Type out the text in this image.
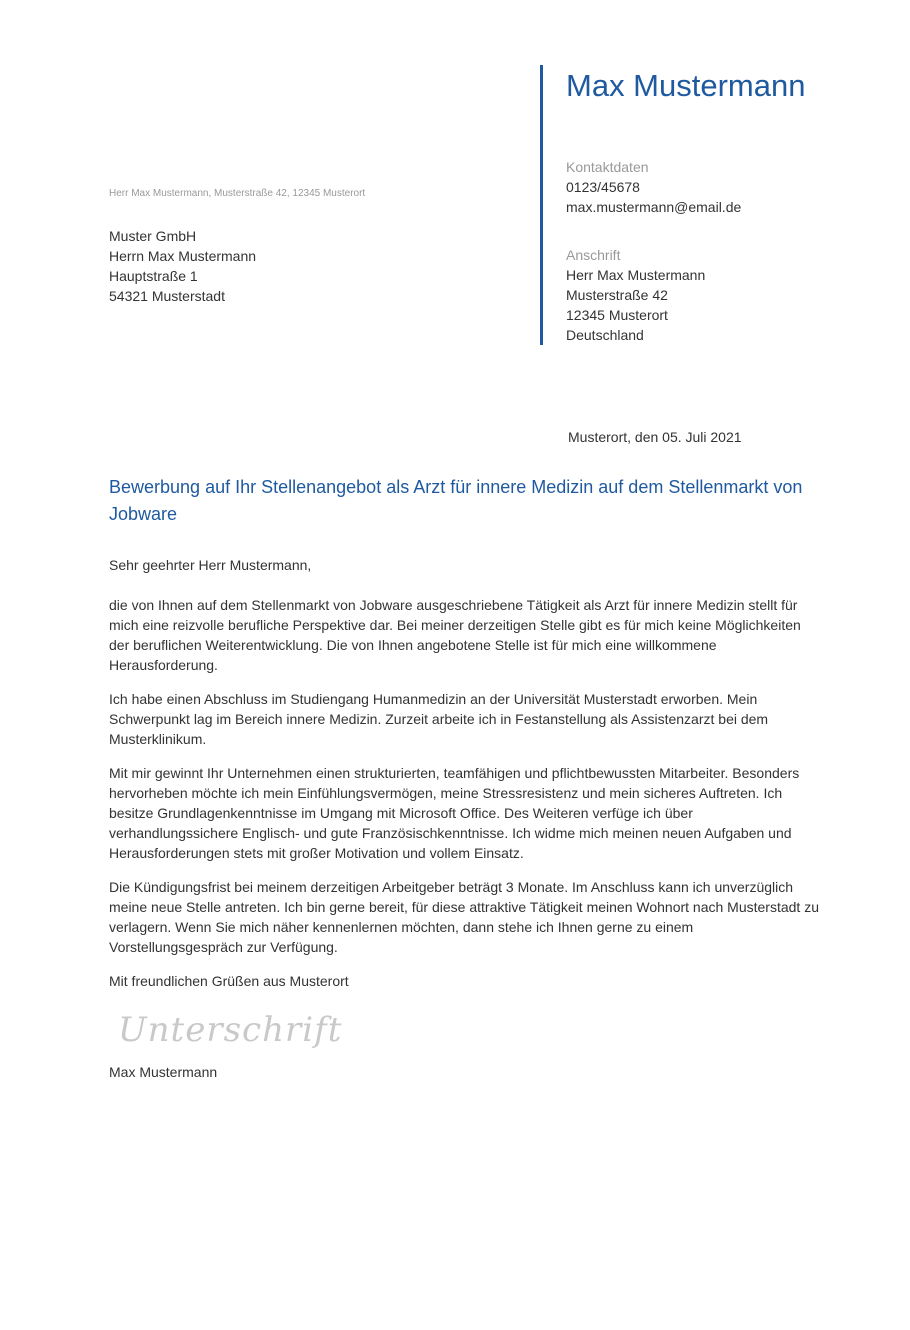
Max Mustermann
Kontaktdaten
0123/45678
max.mustermann@email.de
Anschrift
Herr Max Mustermann
Musterstraße 42
12345 Musterort
Deutschland
Herr Max Mustermann, Musterstraße 42, 12345 Musterort
Muster GmbH
Herrn Max Mustermann
Hauptstraße 1
54321 Musterstadt
Musterort, den 05. Juli 2021
Bewerbung auf Ihr Stellenangebot als Arzt für innere Medizin auf dem Stellenmarkt von Jobware

Sehr geehrter Herr Mustermann,

die von Ihnen auf dem Stellenmarkt von Jobware ausgeschriebene Tätigkeit als Arzt für innere Medizin stellt für mich eine reizvolle berufliche Perspektive dar. Bei meiner derzeitigen Stelle gibt es für mich keine Möglichkeiten der beruflichen Weiterentwicklung. Die von Ihnen angebotene Stelle ist für mich eine willkommene Herausforderung.

Ich habe einen Abschluss im Studiengang Humanmedizin an der Universität Musterstadt erworben. Mein Schwerpunkt lag im Bereich innere Medizin. Zurzeit arbeite ich in Festanstellung als Assistenzarzt bei dem Musterklinikum.

Mit mir gewinnt Ihr Unternehmen einen strukturierten, teamfähigen und pflichtbewussten Mitarbeiter. Besonders hervorheben möchte ich mein Einfühlungsvermögen, meine Stressresistenz und mein sicheres Auftreten. Ich besitze Grundlagenkenntnisse im Umgang mit Microsoft Office. Des Weiteren verfüge ich über verhandlungssichere Englisch- und gute Französischkenntnisse. Ich widme mich meinen neuen Aufgaben und Herausforderungen stets mit großer Motivation und vollem Einsatz.

Die Kündigungsfrist bei meinem derzeitigen Arbeitgeber beträgt 3 Monate. Im Anschluss kann ich unverzüglich meine neue Stelle antreten. Ich bin gerne bereit, für diese attraktive Tätigkeit meinen Wohnort nach Musterstadt zu verlagern. Wenn Sie mich näher kennenlernen möchten, dann stehe ich Ihnen gerne zu einem Vorstellungsgespräch zur Verfügung.

Mit freundlichen Grüßen aus Musterort

Unterschrift
Max Mustermann
